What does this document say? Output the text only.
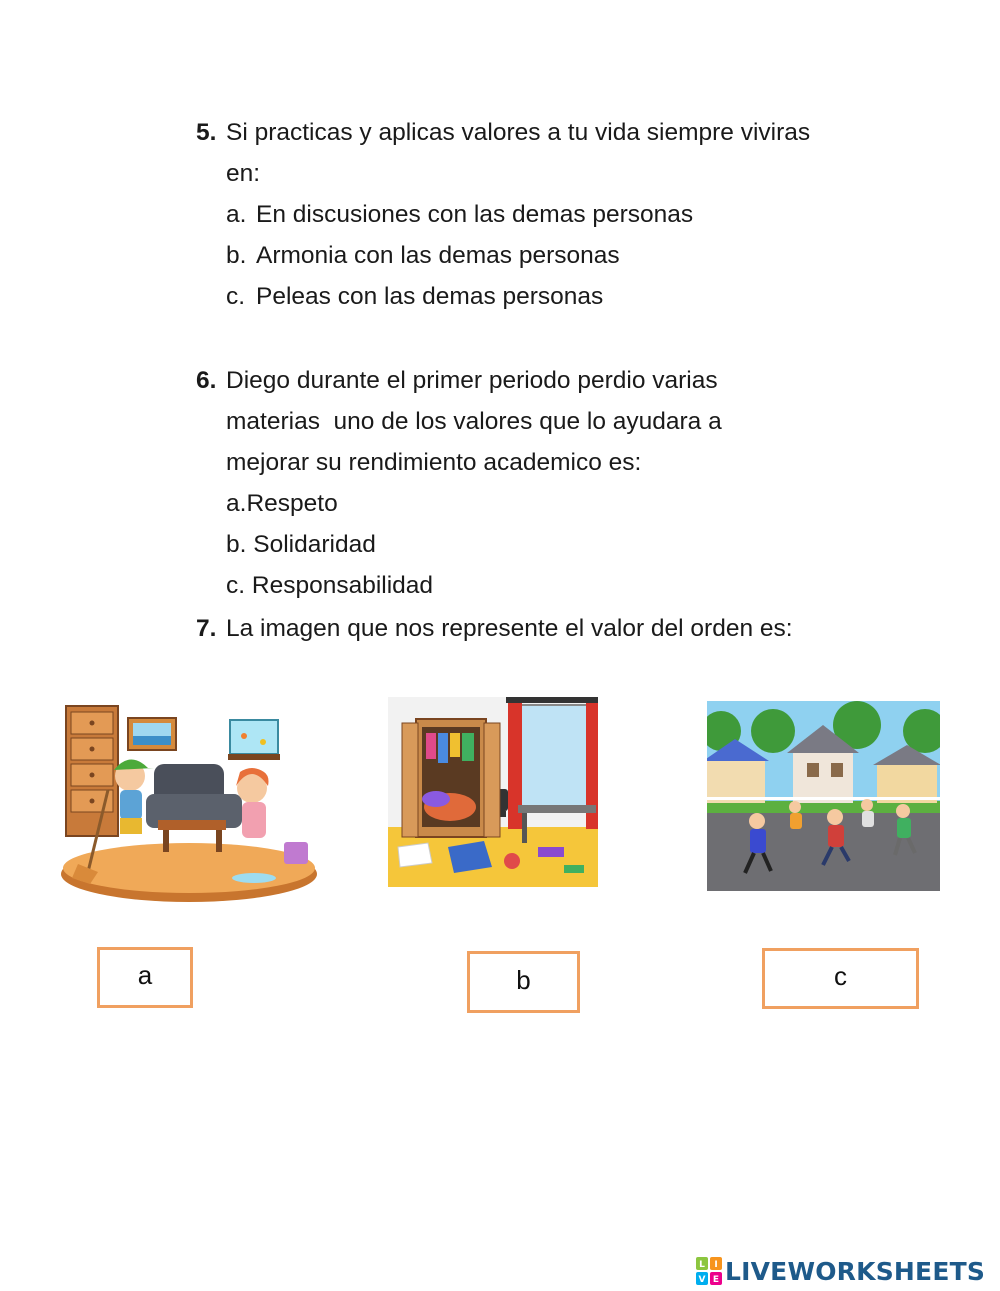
5. Si practicas y aplicas valores a tu vida siempre viviras
en:
a. En discusiones con las demas personas
b. Armonia con las demas personas
c. Peleas con las demas personas
6. Diego durante el primer periodo perdio varias
materias  uno de los valores que lo ayudara a
mejorar su rendimiento academico es:
a.Respeto
b. Solidaridad
c. Responsabilidad
7. La imagen que nos represente el valor del orden es:
a	b	c
L I
V E LIVEWORKSHEETS
